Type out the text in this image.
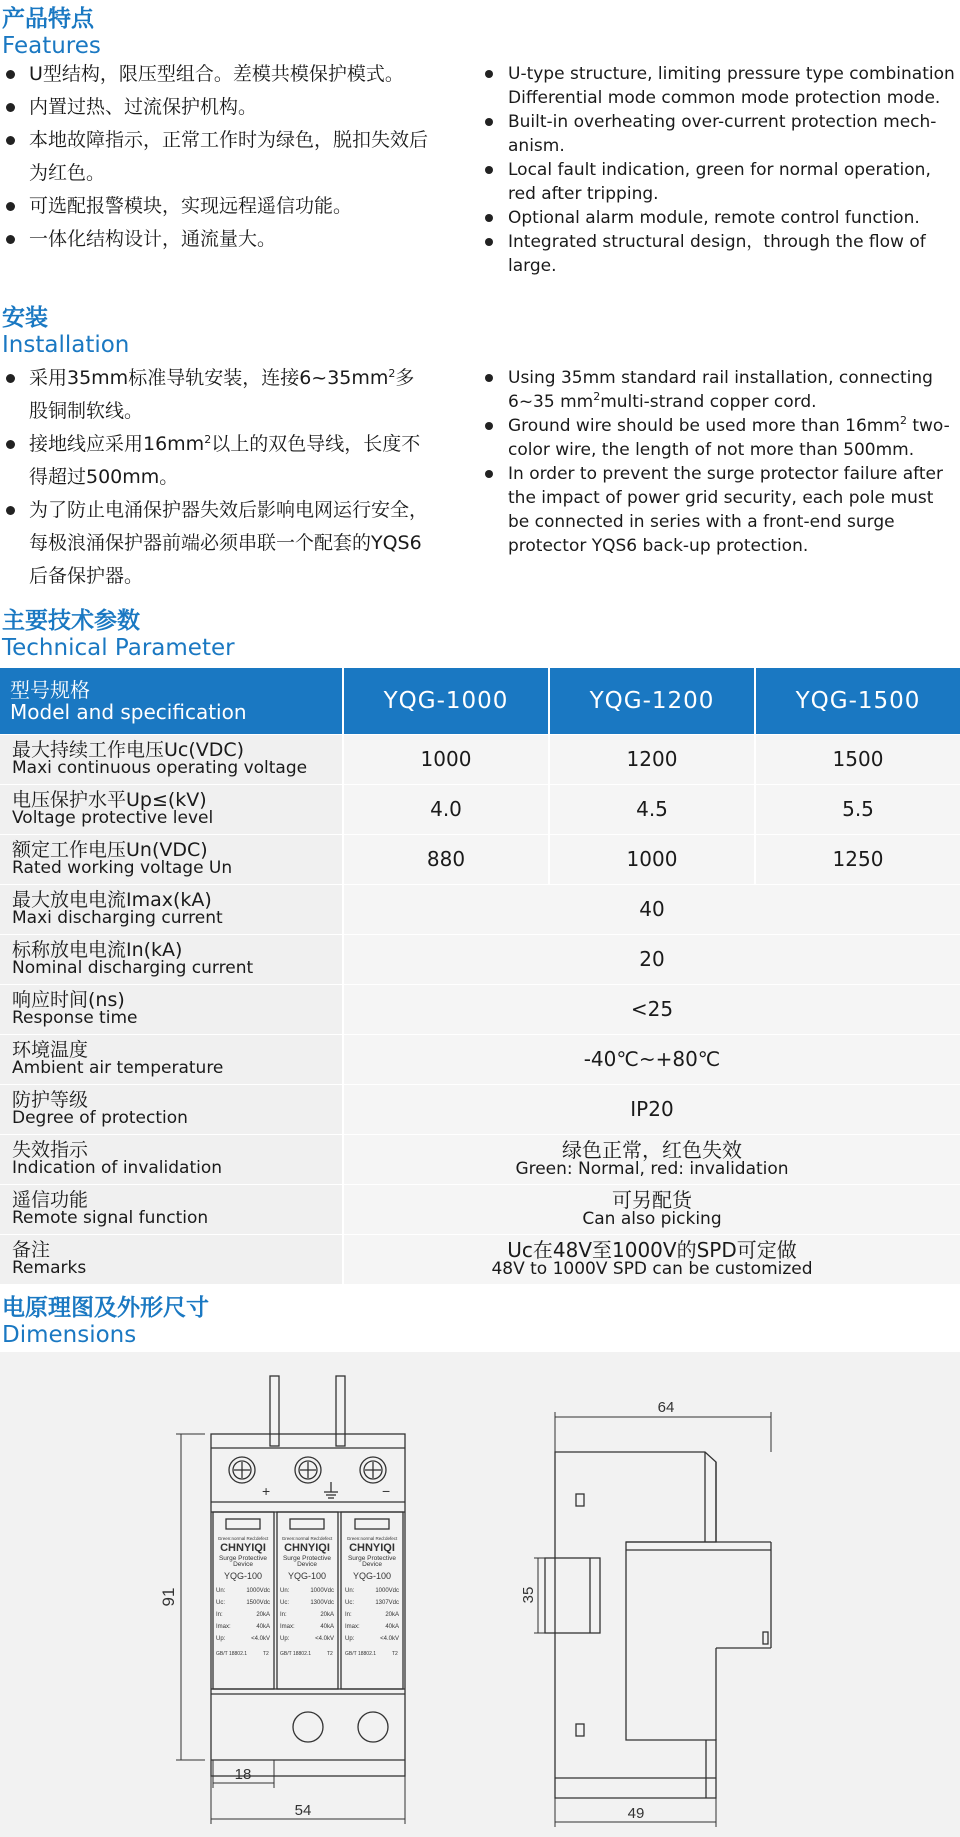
产品特点
Features
U型结构，限压型组合。差模共模保护模式。
内置过热、过流保护机构。
本地故障指示，正常工作时为绿色，脱扣失效后为红色。
可选配报警模块，实现远程遥信功能。
一体化结构设计，通流量大。
U-type structure, limiting pressure type combination Differential mode common mode protection mode.
Built-in overheating over-current protection mech-anism.
Local fault indication, green for normal operation, red after tripping.
Optional alarm module, remote control function.
Integrated structural design，through the flow of large.
安装
Installation
采用35mm标准导轨安装，连接$6\sim 35mm^2$多股铜制软线。
接地线应采用$16mm^2$以上的双色导线，长度不得超过500mm。
为了防止电涌保护器失效后影响电网运行安全，每极浪涌保护器前端必须串联一个配套的YQS6后备保护器。
Using 35mm standard rail installation, connecting 6~35 $mm^2multi$-strand copper cord.
Ground wire should be used more than $16mm^2$ two-color wire, the length of not more than 500mm.
In order to prevent the surge protector failure after the impact of power grid security, each pole must be connected in series with a front-end surge protector YQS6 back-up protection.
主要技术参数
Technical Parameter
型号规格
Model and specification	YQG-1000	YQG-1200	YQG-1500

最大持续工作电压Uc(VDC)
Maxi continuous operating voltage	1000	1200	1500

电压保护水平Up≤(kV)
Voltage protective level	4.0	4.5	5.5

额定工作电压Un(VDC)
Rated working voltage Un	880	1000	1250

最大放电电流Imax(kA)
Maxi discharging current	40		

标称放电电流In(kA)
Nominal discharging current	20		

响应时间(ns)
Response time	<25		

环境温度
Ambient air temperature	-40℃~+80℃		

防护等级
Degree of protection	IP20		

失效指示
Indication of invalidation	绿色正常，红色失效
Green: Normal, red: invalidation		

遥信功能
Remote signal function	可另配货
Can also picking		

备注
Remarks	Uc在48V至1000V的SPD可定做
48V to 1000V SPD can be customized		
电原理图及外形尺寸
Dimensions
+	−
Green:normal Red:defect
CHNYIQI
Surge Protective
Device
YQG-100
Un:	1000Vdc
Uc:	1500Vdc
In:	20kA
Imax:	40kA
Up:	<4.0kV
GB/T 18802.1	T2
Green:normal Red:defect
CHNYIQI
Surge Protective
Device
YQG-100
Un:	1000Vdc
Uc:	1300Vdc
In:	20kA
Imax:	40kA
Up:	<4.0kV
GB/T 18802.1	T2
Green:normal Red:defect
CHNYIQI
Surge Protective
Device
YQG-100
Un:	1000Vdc
Uc:	1307Vdc
In:	20kA
Imax:	40kA
Up:	<4.0kV
GB/T 18802.1	T2
91
18
54
64
35
49
